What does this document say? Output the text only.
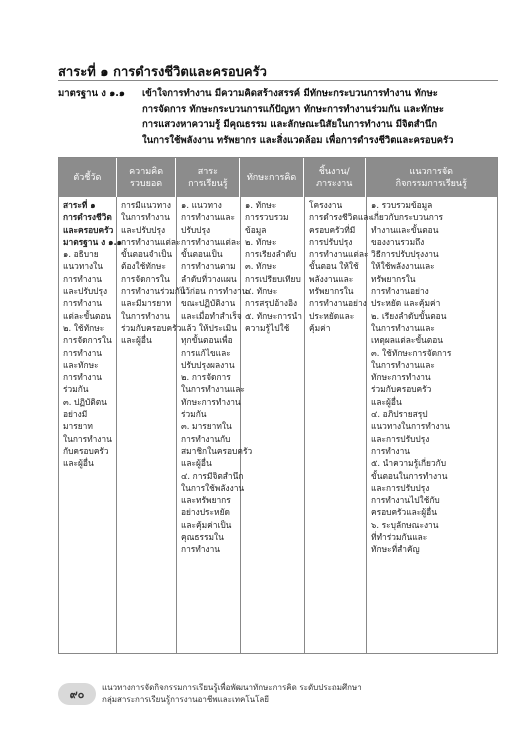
สาระที่ ๑ การดำรงชีวิตและครอบครัว
มาตรฐาน ง ๑.๑	เข้าใจการทำงาน มีความคิดสร้างสรรค์ มีทักษะกระบวนการทำงาน ทักษะ
การจัดการ ทักษะกระบวนการแก้ปัญหา ทักษะการทำงานร่วมกัน และทักษะ
การแสวงหาความรู้ มีคุณธรรม และลักษณะนิสัยในการทำงาน มีจิตสำนึก
ในการใช้พลังงาน ทรัพยากร และสิ่งแวดล้อม เพื่อการดำรงชีวิตและครอบครัว
ตัวชี้วัด
ความคิด
รวบยอด
สาระ
การเรียนรู้
ทักษะการคิด
ชิ้นงาน/
ภาระงาน
แนวการจัด
กิจกรรมการเรียนรู้
สาระที่ ๑
การดำรงชีวิต
และครอบครัว
มาตรฐาน ง ๑.๑
๑. อธิบาย
แนวทางใน
การทำงาน
และปรับปรุง
การทำงาน
แต่ละขั้นตอน
๒. ใช้ทักษะ
การจัดการใน
การทำงาน
และทักษะ
การทำงาน
ร่วมกัน
๓. ปฏิบัติตน
อย่างมี
มารยาท
ในการทำงาน
กับครอบครัว
และผู้อื่น
การมีแนวทาง
ในการทำงาน
และปรับปรุง
การทำงานแต่ละ
ขั้นตอนจำเป็น
ต้องใช้ทักษะ
การจัดการใน
การทำงานร่วมกัน
และมีมารยาท
ในการทำงาน
ร่วมกับครอบครัว
และผู้อื่น
๑. แนวทาง
การทำงานและ
ปรับปรุง
การทำงานแต่ละ
ขั้นตอนเป็น
การทำงานตาม
ลำดับที่วางแผน
ไว้ก่อน การทำงาน
ขณะปฏิบัติงาน
และเมื่อทำสำเร็จ
แล้ว ให้ประเมิน
ทุกขั้นตอนเพื่อ
การแก้ไขและ
ปรับปรุงผลงาน
๒. การจัดการ
ในการทำงานและ
ทักษะการทำงาน
ร่วมกัน
๓. มารยาทใน
การทำงานกับ
สมาชิกในครอบครัว
และผู้อื่น
๔. การมีจิตสำนึก
ในการใช้พลังงาน
และทรัพยากร
อย่างประหยัด
และคุ้มค่าเป็น
คุณธรรมใน
การทำงาน
๑. ทักษะ
การรวบรวม
ข้อมูล
๒. ทักษะ
การเรียงลำดับ
๓. ทักษะ
การเปรียบเทียบ
๔. ทักษะ
การสรุปอ้างอิง
๕. ทักษะการนำ
ความรู้ไปใช้
โครงงาน
การดำรงชีวิตและ
ครอบครัวที่มี
การปรับปรุง
การทำงานแต่ละ
ขั้นตอน ให้ใช้
พลังงานและ
ทรัพยากรใน
การทำงานอย่าง
ประหยัดและ
คุ้มค่า
๑. รวบรวมข้อมูล
เกี่ยวกับกระบวนการ
ทำงานและขั้นตอน
ของงานรวมถึง
วิธีการปรับปรุงงาน
ให้ใช้พลังงานและ
ทรัพยากรใน
การทำงานอย่าง
ประหยัด และคุ้มค่า
๒. เรียงลำดับขั้นตอน
ในการทำงานและ
เหตุผลแต่ละขั้นตอน
๓. ใช้ทักษะการจัดการ
ในการทำงานและ
ทักษะการทำงาน
ร่วมกับครอบครัว
และผู้อื่น
๔. อภิปรายสรุป
แนวทางในการทำงาน
และการปรับปรุง
การทำงาน
๕. นำความรู้เกี่ยวกับ
ขั้นตอนในการทำงาน
และการปรับปรุง
การทำงานไปใช้กับ
ครอบครัวและผู้อื่น
๖. ระบุลักษณะงาน
ที่ทำร่วมกันและ
ทักษะที่สำคัญ
๙๐
แนวทางการจัดกิจกรรมการเรียนรู้เพื่อพัฒนาทักษะการคิด ระดับประถมศึกษา
กลุ่มสาระการเรียนรู้การงานอาชีพและเทคโนโลยี
